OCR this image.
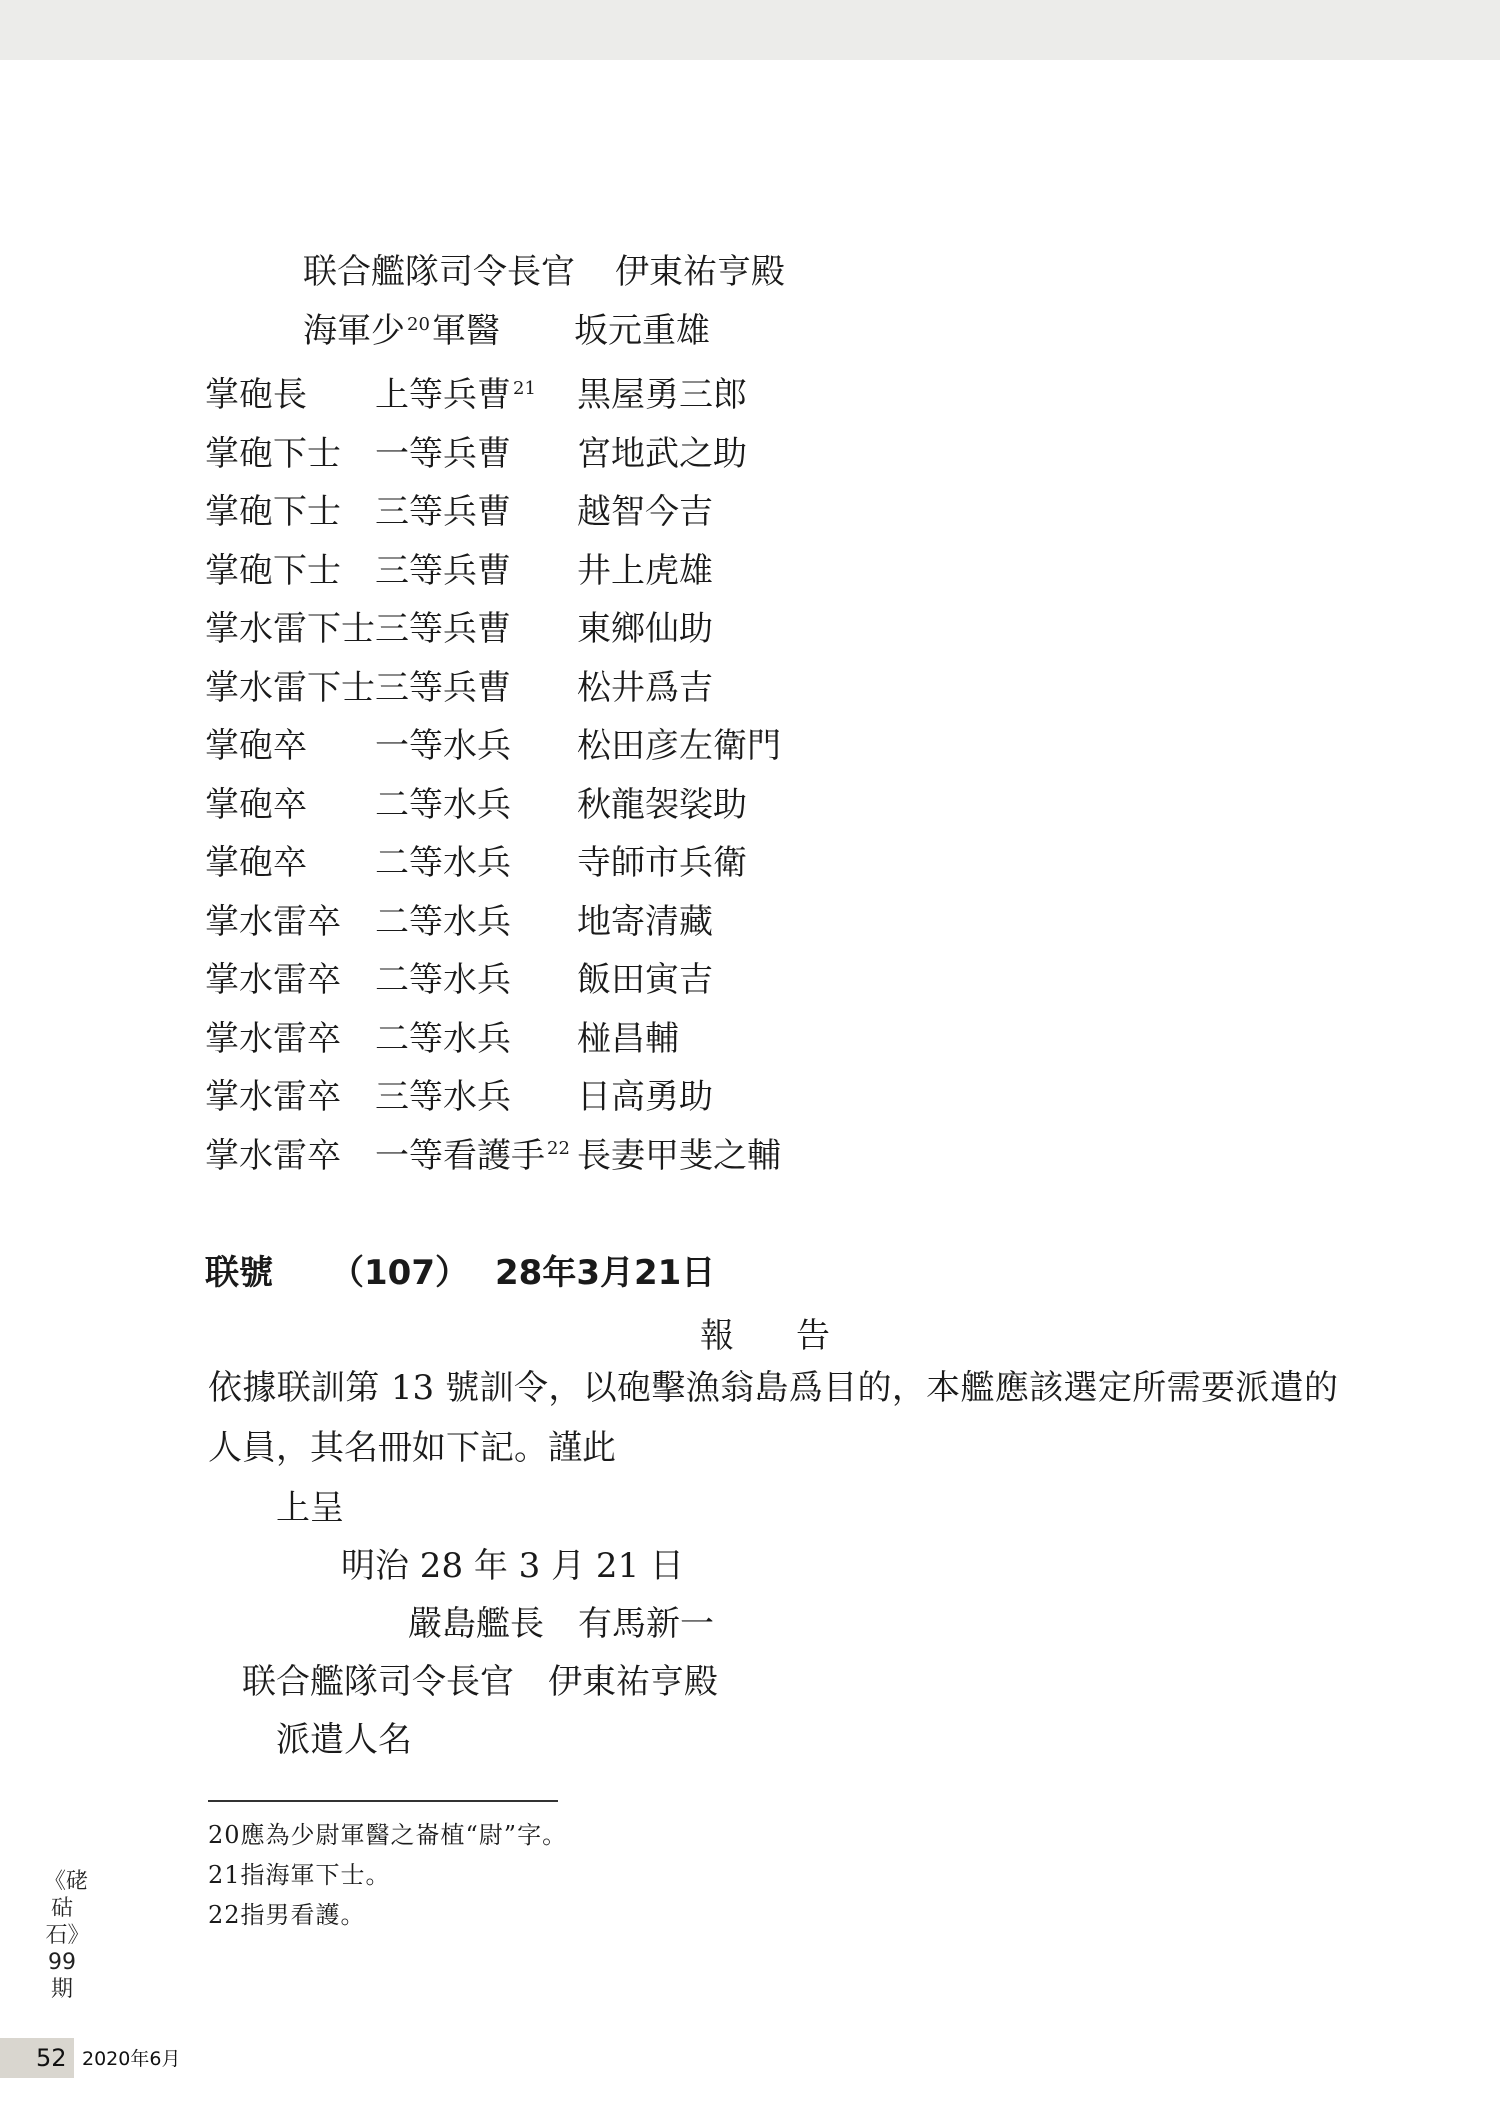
联合艦隊司令長官 伊東祐亨殿
海軍少 $^{20}$軍醫 坂元重雄
掌砲長 上等兵曹 $^{21}$ 黒屋勇三郎
掌砲下士 一等兵曹 宮地武之助
掌砲下士 三等兵曹 越智今吉
掌砲下士 三等兵曹 井上虎雄
掌水雷下士 三等兵曹 東鄉仙助
掌水雷下士 三等兵曹 松井爲吉
掌砲卒 一等水兵 松田彦左衛門
掌砲卒 二等水兵 秋龍袈裟助
掌砲卒 二等水兵 寺師市兵衛
掌水雷卒 二等水兵 地寄清藏
掌水雷卒 二等水兵 飯田寅吉
掌水雷卒 二等水兵 椪昌輔
掌水雷卒 三等水兵 日高勇助
掌水雷卒 一等看護手 $^{22}$ 長妻甲斐之輔
联號 （107） 28年3月21日
報告
依據联訓第 13 號訓令，以砲擊漁翁島爲目的，本艦應該選定所需要派遣的人員，其名冊如下記。謹此
上呈
明治 28 年 3 月 21 日
嚴島艦長　有馬新一
联合艦隊司令長官　伊東祐亨殿
派遣人名
20應為少尉軍醫之崙植“尉”字。
21指海軍下士。
22指男看護。
《硓𥑮石》99期
52 2020年6月
